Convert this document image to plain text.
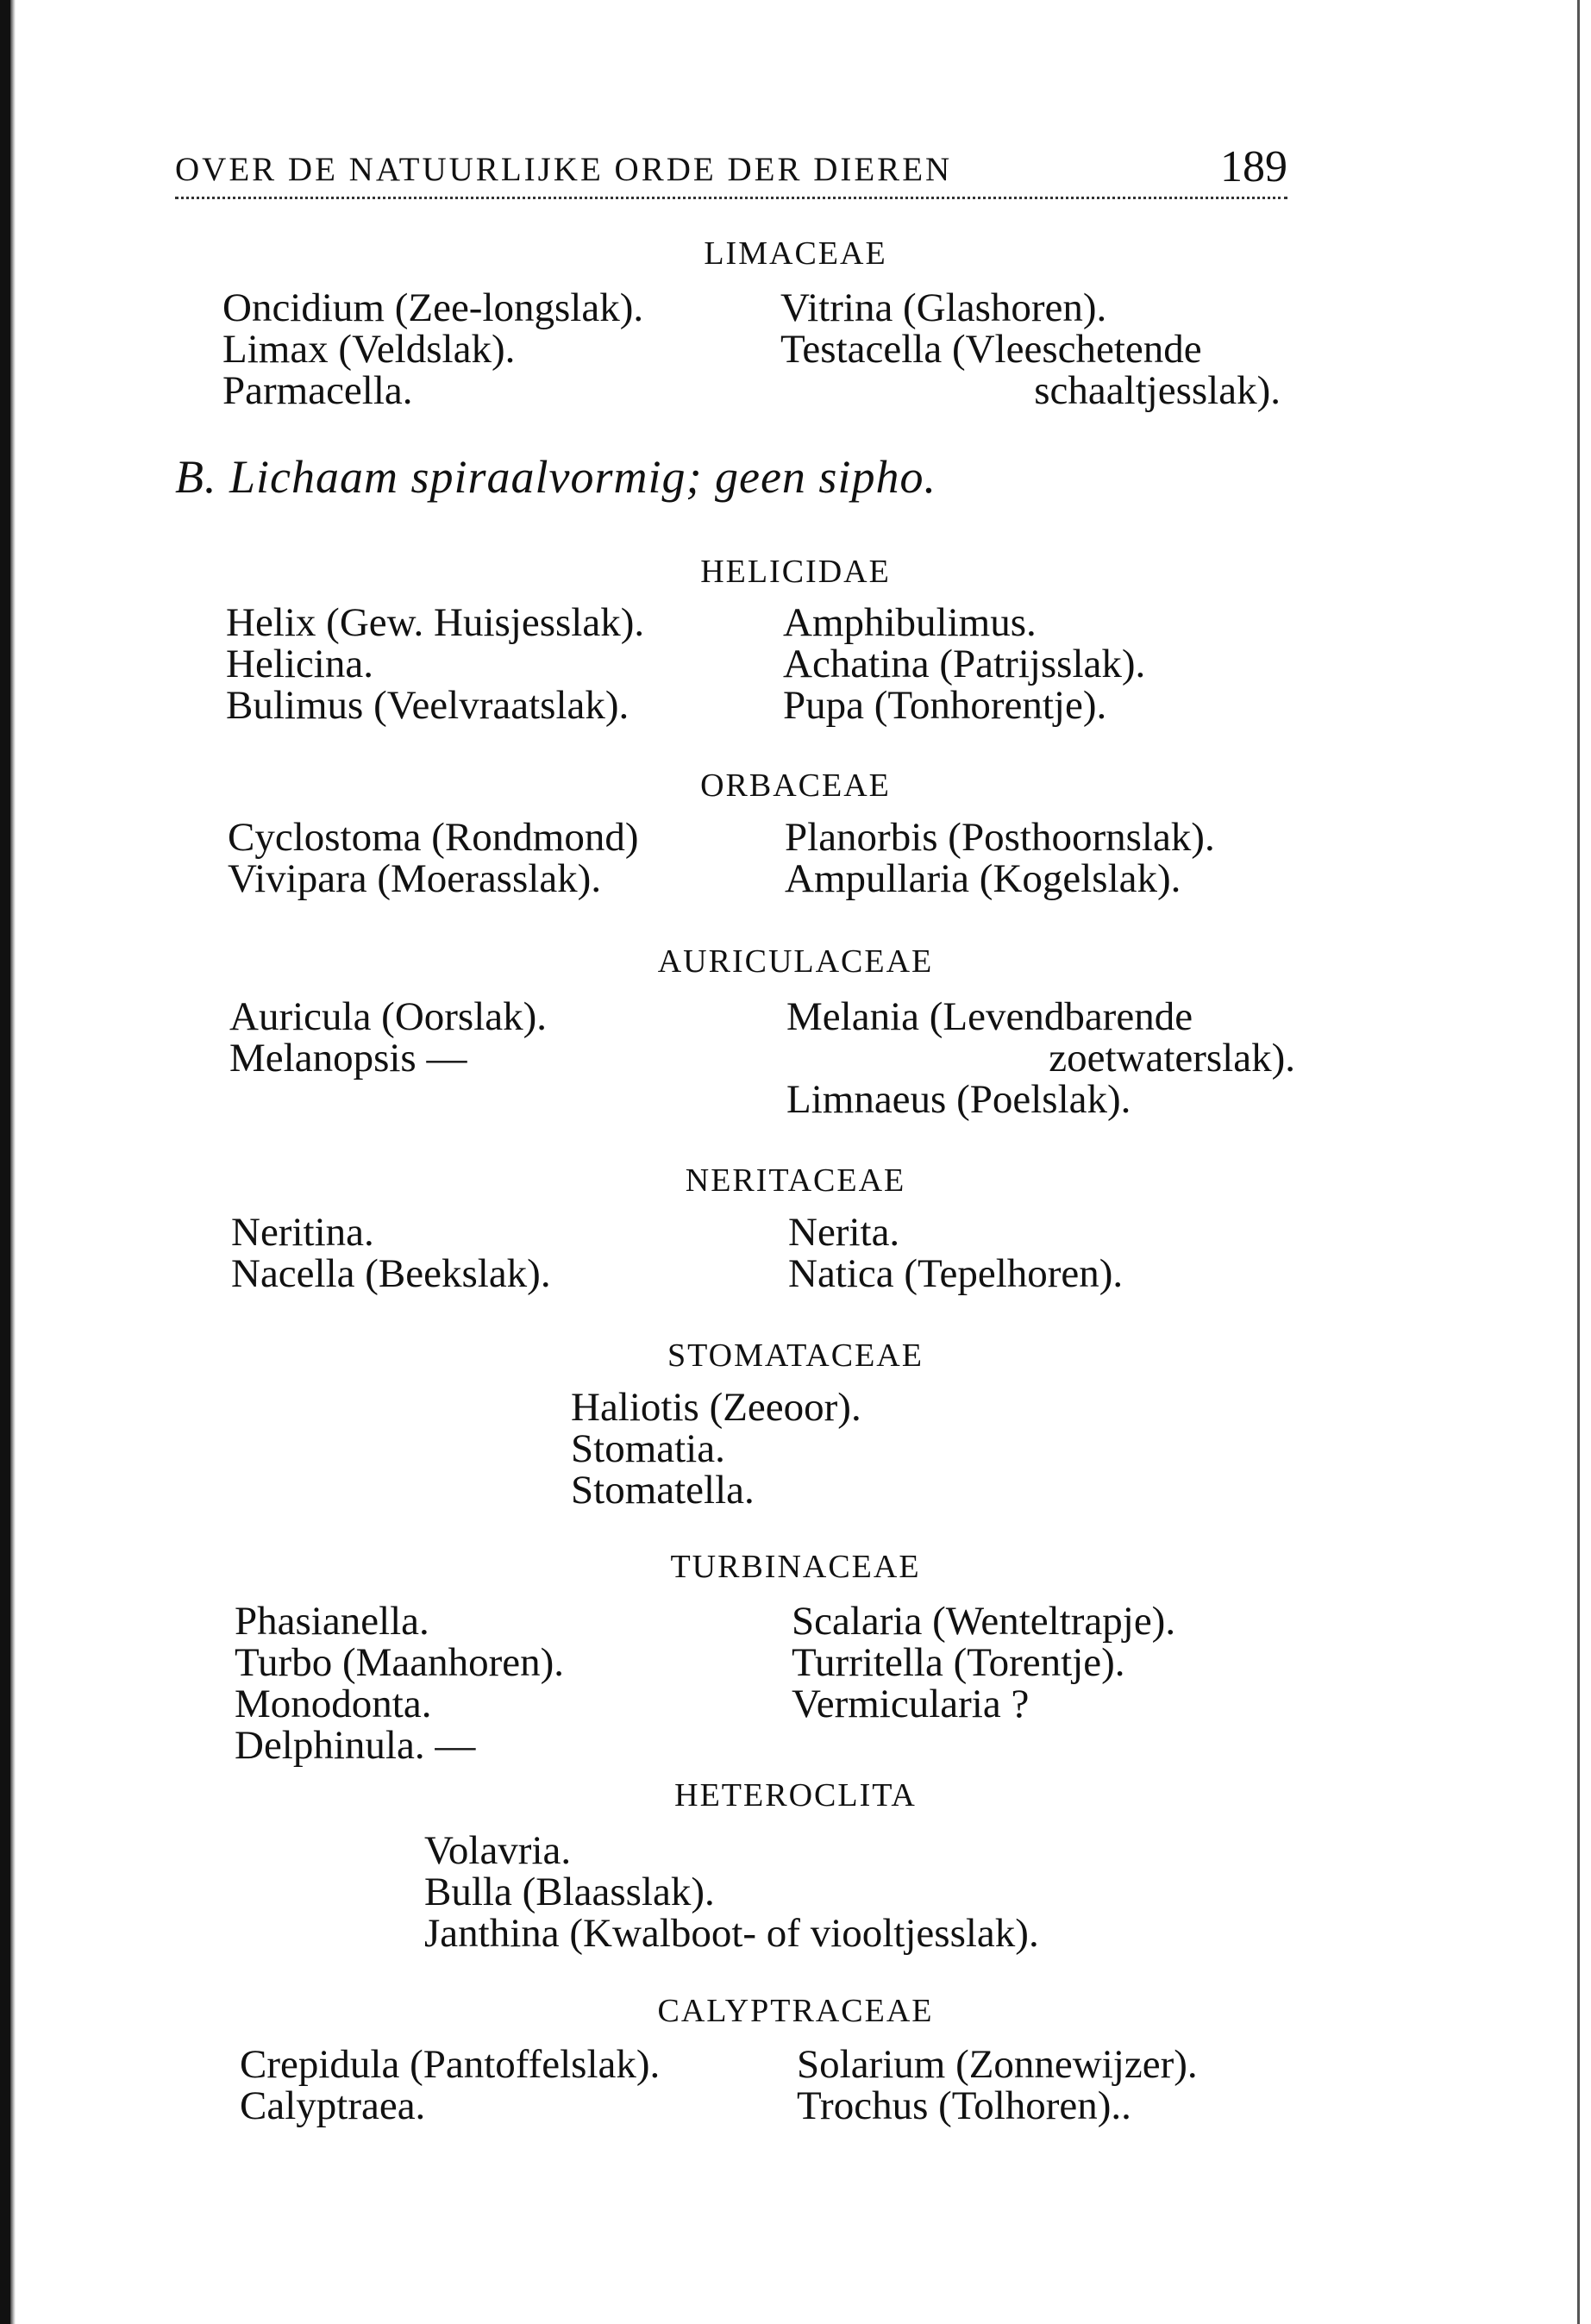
OVER DE NATUURLIJKE ORDE DER DIEREN	189
LIMACEAE
Oncidium (Zee-longslak).
Limax (Veldslak).
Parmacella.
Vitrina (Glashoren).
Testacella (Vleeschetende
schaaltjesslak).
B. Lichaam spiraalvormig; geen sipho.
HELICIDAE
Helix (Gew. Huisjesslak).
Helicina.
Bulimus (Veelvraatslak).
Amphibulimus.
Achatina (Patrijsslak).
Pupa (Tonhorentje).
ORBACEAE
Cyclostoma (Rondmond)
Vivipara (Moerasslak).
Planorbis (Posthoornslak).
Ampullaria (Kogelslak).
AURICULACEAE
Auricula (Oorslak).
Melanopsis —
Melania (Levendbarende
zoetwaterslak).
Limnaeus (Poelslak).
NERITACEAE
Neritina.
Nacella (Beekslak).
Nerita.
Natica (Tepelhoren).
STOMATACEAE
Haliotis (Zeeoor).
Stomatia.
Stomatella.
TURBINACEAE
Phasianella.
Turbo (Maanhoren).
Monodonta.
Delphinula. —
Scalaria (Wenteltrapje).
Turritella (Torentje).
Vermicularia ?
HETEROCLITA
Volavria.
Bulla (Blaasslak).
Janthina (Kwalboot- of viooltjesslak).
CALYPTRACEAE
Crepidula (Pantoffelslak).
Calyptraea.
Solarium (Zonnewijzer).
Trochus (Tolhoren)..
